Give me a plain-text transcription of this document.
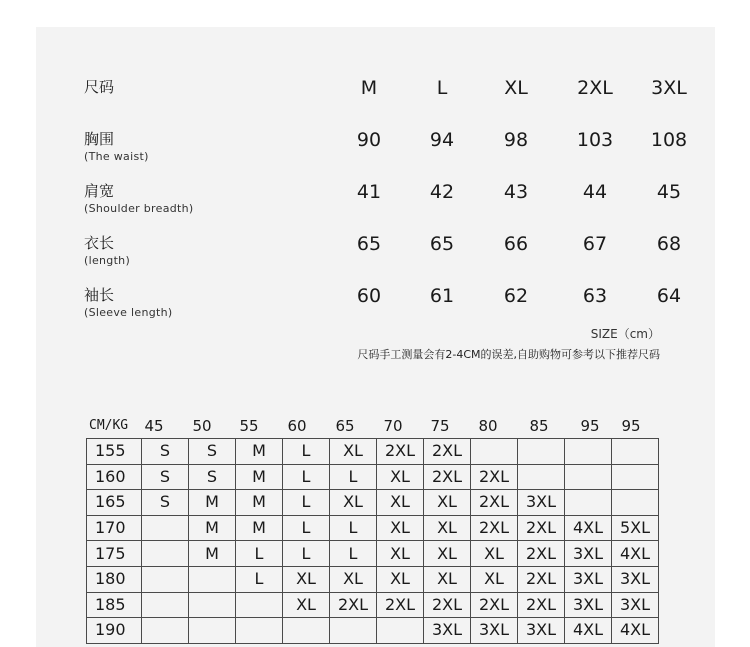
尺码	M	L	XL	2XL	3XL
胸围
(The waist)
90	94	98	103	108
肩宽
(Shoulder breadth)
41	42	43	44	45
衣长
(length)
65	65	66	67	68
袖长
(Sleeve length)
60	61	62	63	64
SIZE（cm）
尺码手工测量会有2-4CM的误差,自助购物可参考以下推荐尺码
CM/KG	45	50	55	60	65	70	75	80	85	95	95
155	S	S	M	L	XL	2XL	2XL				
160	S	S	M	L	L	XL	2XL	2XL			
165	S	M	M	L	XL	XL	XL	2XL	3XL		
170		M	M	L	L	XL	XL	2XL	2XL	4XL	5XL
175		M	L	L	L	XL	XL	XL	2XL	3XL	4XL
180			L	XL	XL	XL	XL	XL	2XL	3XL	3XL
185				XL	2XL	2XL	2XL	2XL	2XL	3XL	3XL
190							3XL	3XL	3XL	4XL	4XL
